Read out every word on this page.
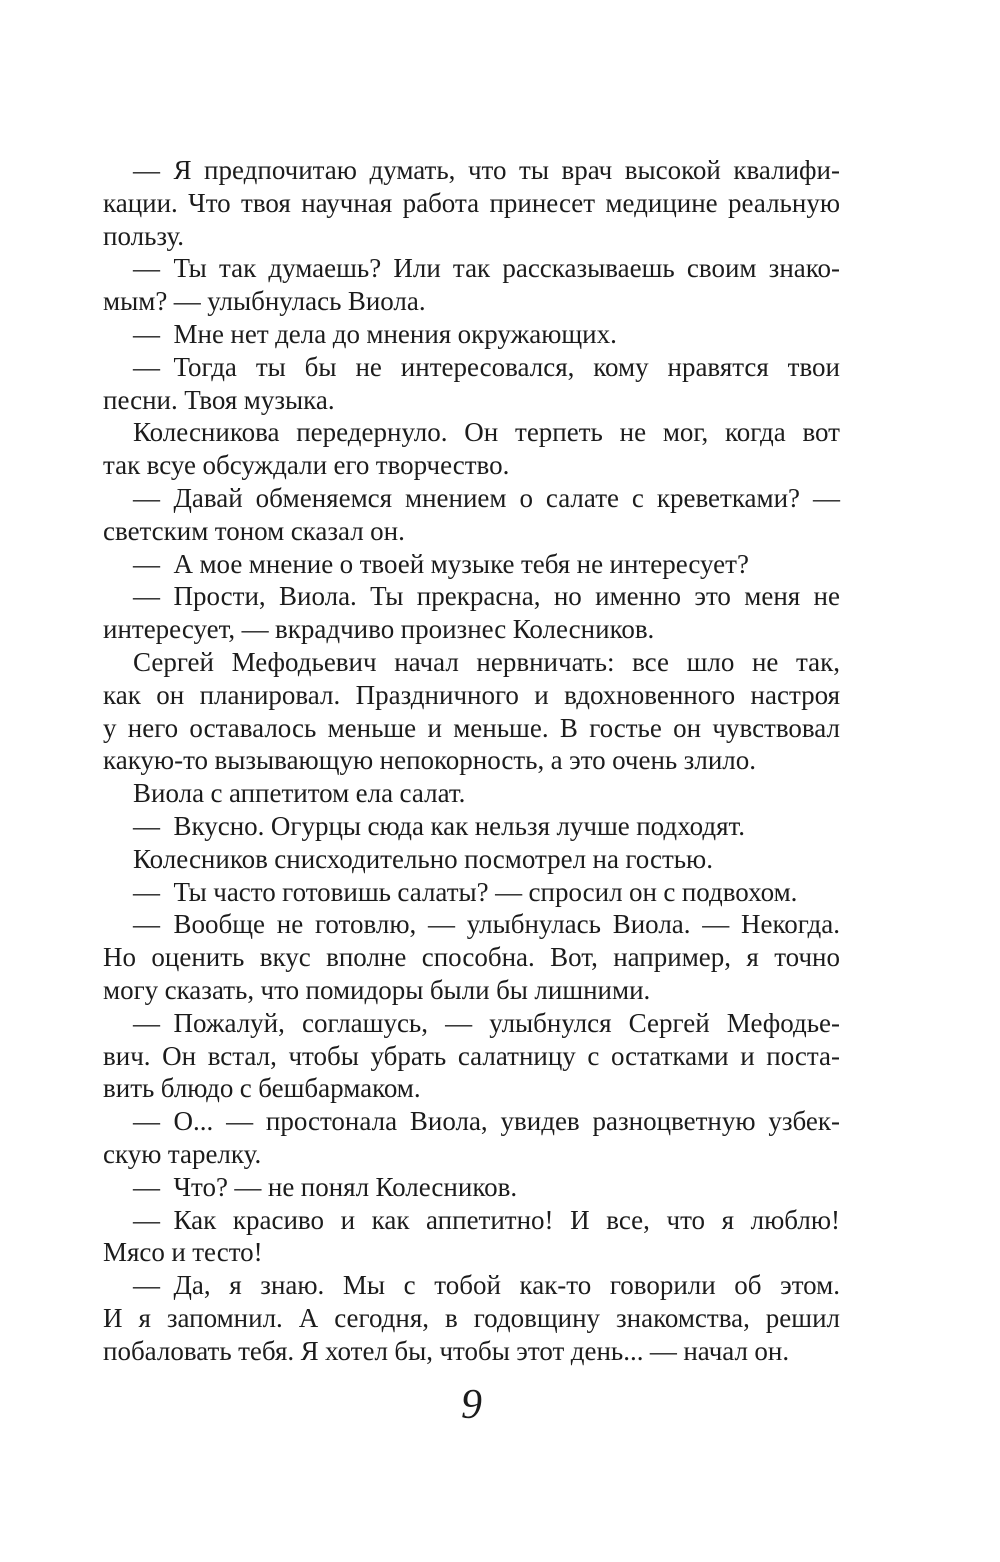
— Я предпочитаю думать, что ты врач высокой квалифи-
кации. Что твоя научная работа принесет медицине реальную
пользу.
— Ты так думаешь? Или так рассказываешь своим знако-
мым? — улыбнулась Виола.
— Мне нет дела до мнения окружающих.
— Тогда ты бы не интересовался, кому нравятся твои
песни. Твоя музыка.
Колесникова передернуло. Он терпеть не мог, когда вот
так всуе обсуждали его творчество.
— Давай обменяемся мнением о салате с креветками? —
светским тоном сказал он.
— А мое мнение о твоей музыке тебя не интересует?
— Прости, Виола. Ты прекрасна, но именно это меня не
интересует, — вкрадчиво произнес Колесников.
Сергей Мефодьевич начал нервничать: все шло не так,
как он планировал. Праздничного и вдохновенного настроя
у него оставалось меньше и меньше. В гостье он чувствовал
какую-то вызывающую непокорность, а это очень злило.
Виола с аппетитом ела салат.
— Вкусно. Огурцы сюда как нельзя лучше подходят.
Колесников снисходительно посмотрел на гостью.
— Ты часто готовишь салаты? — спросил он с подвохом.
— Вообще не готовлю, — улыбнулась Виола. — Некогда.
Но оценить вкус вполне способна. Вот, например, я точно
могу сказать, что помидоры были бы лишними.
— Пожалуй, соглашусь, — улыбнулся Сергей Мефодье-
вич. Он встал, чтобы убрать салатницу с остатками и поста-
вить блюдо с бешбармаком.
— О... — простонала Виола, увидев разноцветную узбек-
скую тарелку.
— Что? — не понял Колесников.
— Как красиво и как аппетитно! И все, что я люблю!
Мясо и тесто!
— Да, я знаю. Мы с тобой как-то говорили об этом.
И я запомнил. А сегодня, в годовщину знакомства, решил
побаловать тебя. Я хотел бы, чтобы этот день... — начал он.
9
